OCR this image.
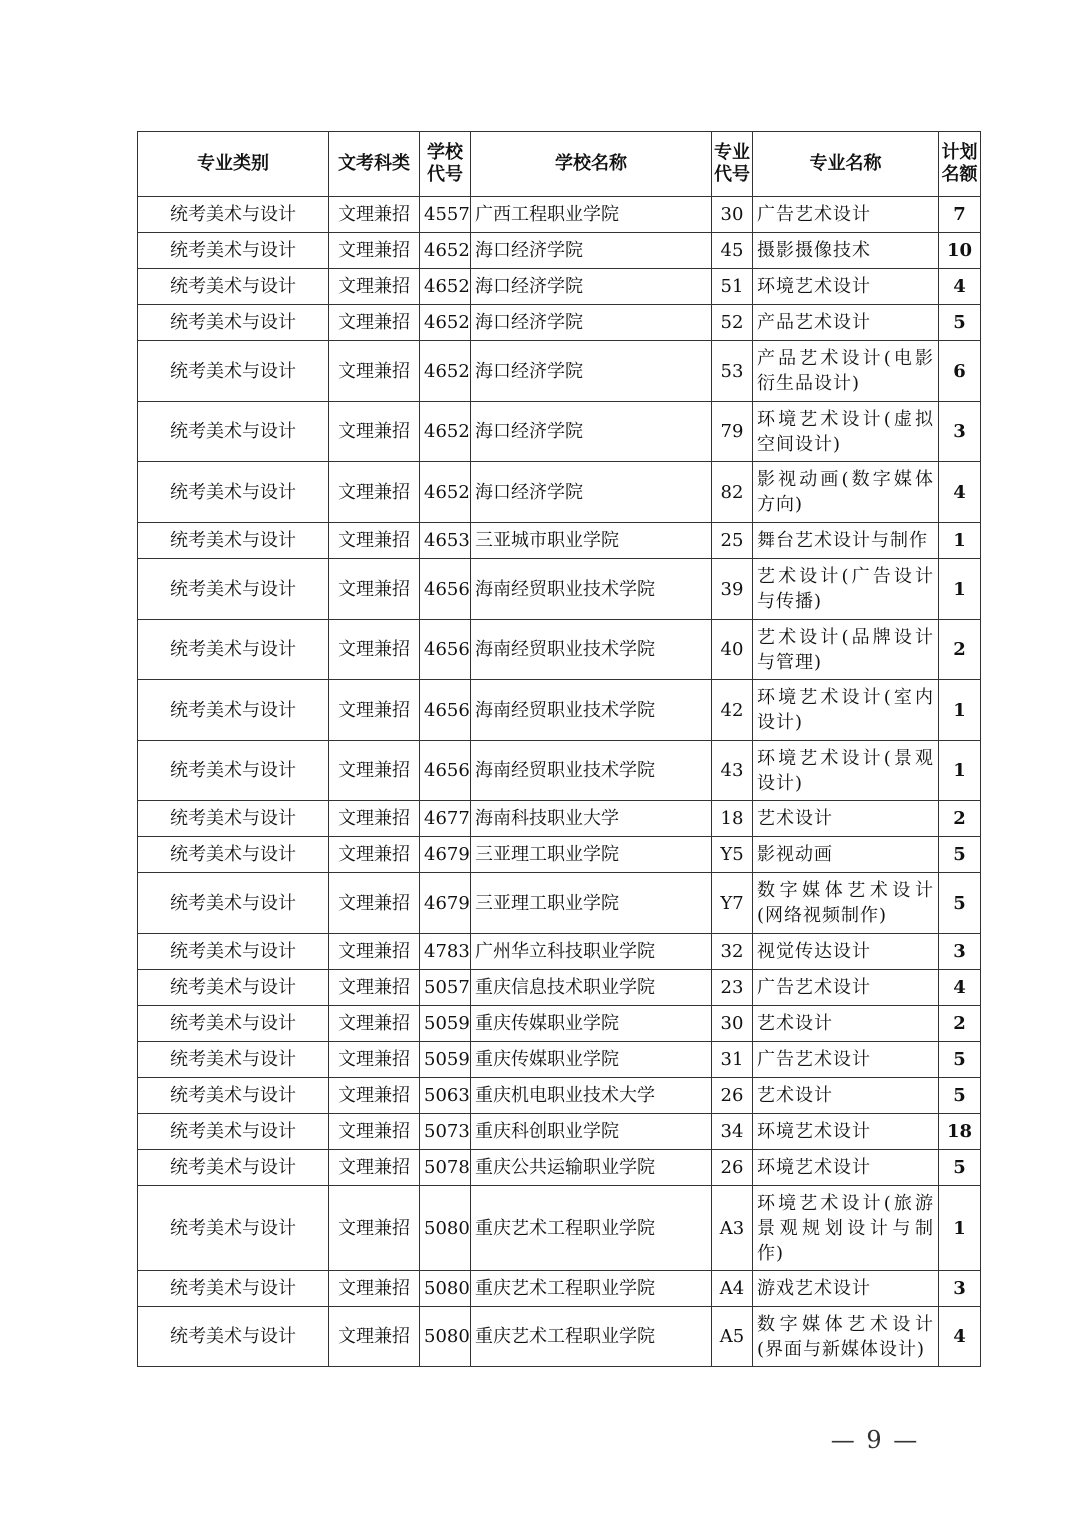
专业类别	文考科类	学校代号	学校名称	专业代号	专业名称	计划名额
统考美术与设计	文理兼招	4557	广西工程职业学院	30	广告艺术设计	7
统考美术与设计	文理兼招	4652	海口经济学院	45	摄影摄像技术	10
统考美术与设计	文理兼招	4652	海口经济学院	51	环境艺术设计	4
统考美术与设计	文理兼招	4652	海口经济学院	52	产品艺术设计	5
统考美术与设计	文理兼招	4652	海口经济学院	53	产品艺术设计(电影衍生品设计)	6
统考美术与设计	文理兼招	4652	海口经济学院	79	环境艺术设计(虚拟空间设计)	3
统考美术与设计	文理兼招	4652	海口经济学院	82	影视动画(数字媒体方向)	4
统考美术与设计	文理兼招	4653	三亚城市职业学院	25	舞台艺术设计与制作	1
统考美术与设计	文理兼招	4656	海南经贸职业技术学院	39	艺术设计(广告设计与传播)	1
统考美术与设计	文理兼招	4656	海南经贸职业技术学院	40	艺术设计(品牌设计与管理)	2
统考美术与设计	文理兼招	4656	海南经贸职业技术学院	42	环境艺术设计(室内设计)	1
统考美术与设计	文理兼招	4656	海南经贸职业技术学院	43	环境艺术设计(景观设计)	1
统考美术与设计	文理兼招	4677	海南科技职业大学	18	艺术设计	2
统考美术与设计	文理兼招	4679	三亚理工职业学院	Y5	影视动画	5
统考美术与设计	文理兼招	4679	三亚理工职业学院	Y7	数字媒体艺术设计(网络视频制作)	5
统考美术与设计	文理兼招	4783	广州华立科技职业学院	32	视觉传达设计	3
统考美术与设计	文理兼招	5057	重庆信息技术职业学院	23	广告艺术设计	4
统考美术与设计	文理兼招	5059	重庆传媒职业学院	30	艺术设计	2
统考美术与设计	文理兼招	5059	重庆传媒职业学院	31	广告艺术设计	5
统考美术与设计	文理兼招	5063	重庆机电职业技术大学	26	艺术设计	5
统考美术与设计	文理兼招	5073	重庆科创职业学院	34	环境艺术设计	18
统考美术与设计	文理兼招	5078	重庆公共运输职业学院	26	环境艺术设计	5
统考美术与设计	文理兼招	5080	重庆艺术工程职业学院	A3	环境艺术设计(旅游景观规划设计与制作)	1
统考美术与设计	文理兼招	5080	重庆艺术工程职业学院	A4	游戏艺术设计	3
统考美术与设计	文理兼招	5080	重庆艺术工程职业学院	A5	数字媒体艺术设计(界面与新媒体设计)	4
— 9 —
